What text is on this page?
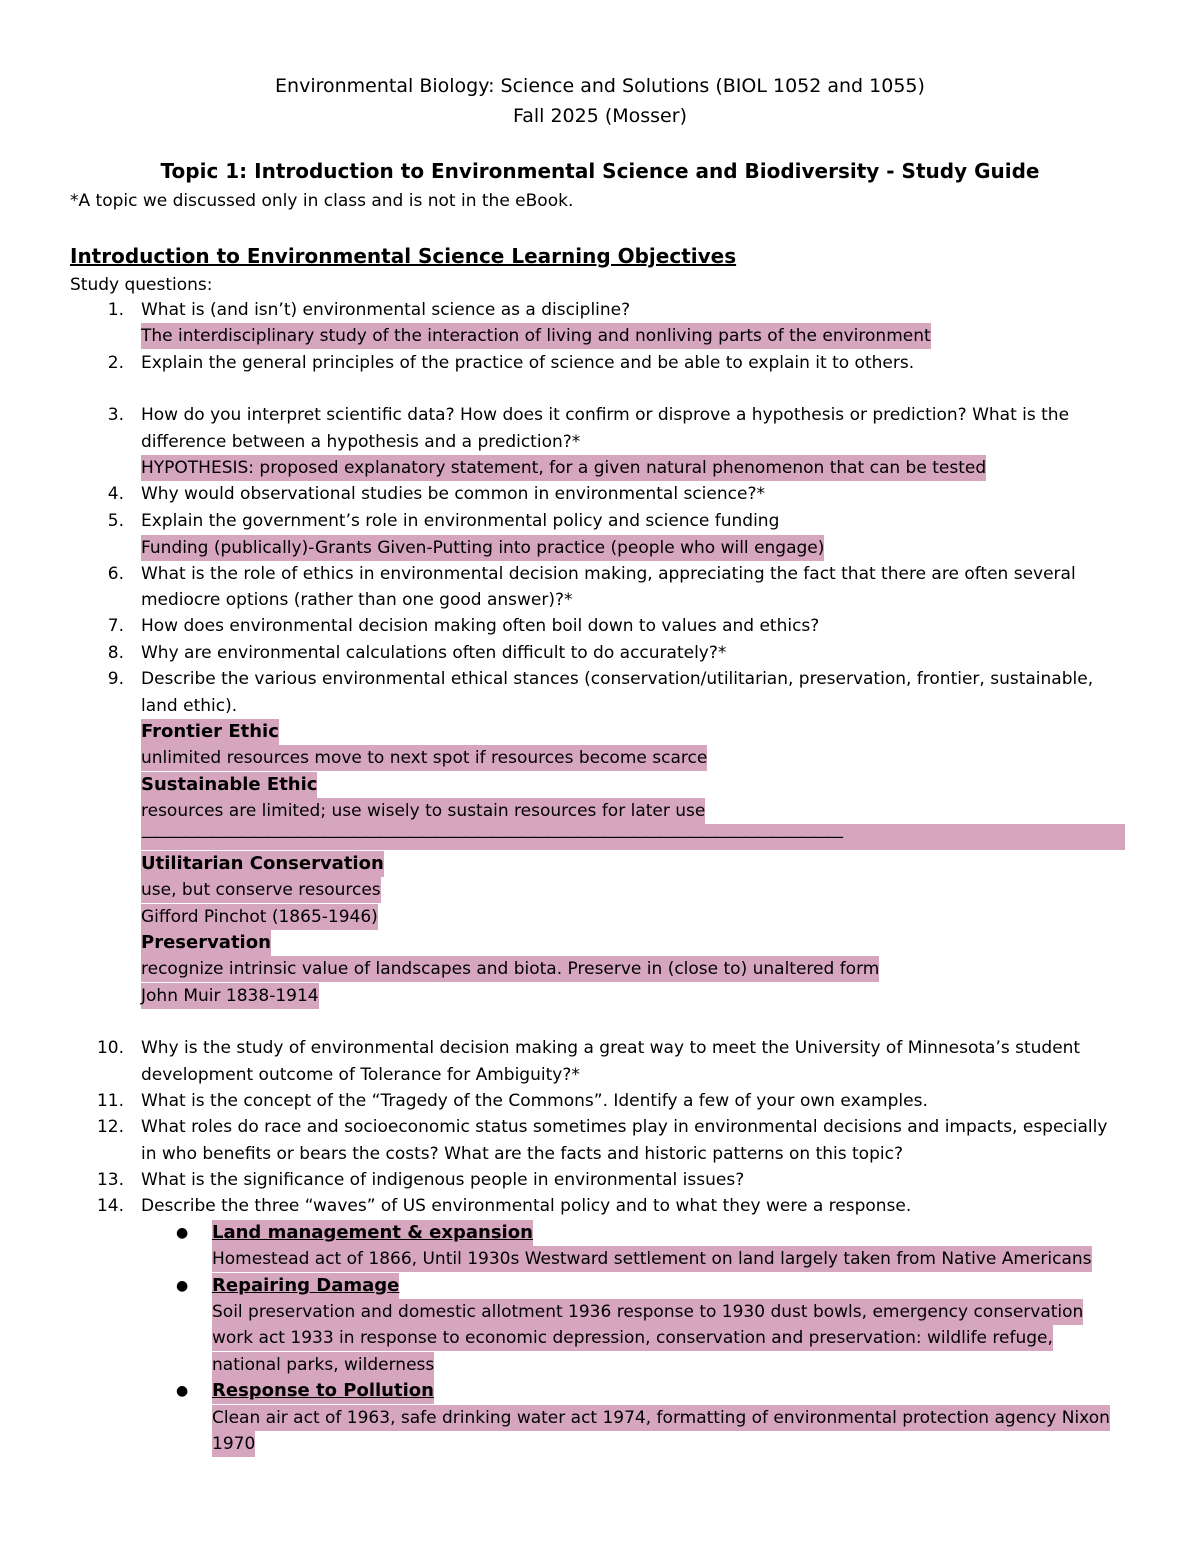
Environmental Biology: Science and Solutions (BIOL 1052 and 1055)
Fall 2025 (Mosser)
Topic 1: Introduction to Environmental Science and Biodiversity - Study Guide
*A topic we discussed only in class and is not in the eBook.
Introduction to Environmental Science Learning Objectives
Study questions:
1. What is (and isn’t) environmental science as a discipline?
The interdisciplinary study of the interaction of living and nonliving parts of the environment
2. Explain the general principles of the practice of science and be able to explain it to others.
3. How do you interpret scientific data? How does it confirm or disprove a hypothesis or prediction? What is the
difference between a hypothesis and a prediction?*
HYPOTHESIS: proposed explanatory statement, for a given natural phenomenon that can be tested
4. Why would observational studies be common in environmental science?*
5. Explain the government’s role in environmental policy and science funding
Funding (publically)-Grants Given-Putting into practice (people who will engage)
6. What is the role of ethics in environmental decision making, appreciating the fact that there are often several
mediocre options (rather than one good answer)?*
7. How does environmental decision making often boil down to values and ethics?
8. Why are environmental calculations often difficult to do accurately?*
9. Describe the various environmental ethical stances (conservation/utilitarian, preservation, frontier, sustainable,
land ethic).
Frontier Ethic
unlimited resources move to next spot if resources become scarce
Sustainable Ethic
resources are limited; use wisely to sustain resources for later use
——————————————————————————————————————————————————
Utilitarian Conservation
use, but conserve resources
Gifford Pinchot (1865-1946)
Preservation
recognize intrinsic value of landscapes and biota. Preserve in (close to) unaltered form
John Muir 1838-1914
10. Why is the study of environmental decision making a great way to meet the University of Minnesota’s student
development outcome of Tolerance for Ambiguity?*
11. What is the concept of the “Tragedy of the Commons”. Identify a few of your own examples.
12. What roles do race and socioeconomic status sometimes play in environmental decisions and impacts, especially
in who benefits or bears the costs? What are the facts and historic patterns on this topic?
13. What is the significance of indigenous people in environmental issues?
14. Describe the three “waves” of US environmental policy and to what they were a response.
● Land management & expansion
Homestead act of 1866, Until 1930s Westward settlement on land largely taken from Native Americans
● Repairing Damage
Soil preservation and domestic allotment 1936 response to 1930 dust bowls, emergency conservation
work act 1933 in response to economic depression, conservation and preservation: wildlife refuge,
national parks, wilderness
● Response to Pollution
Clean air act of 1963, safe drinking water act 1974, formatting of environmental protection agency Nixon
1970
